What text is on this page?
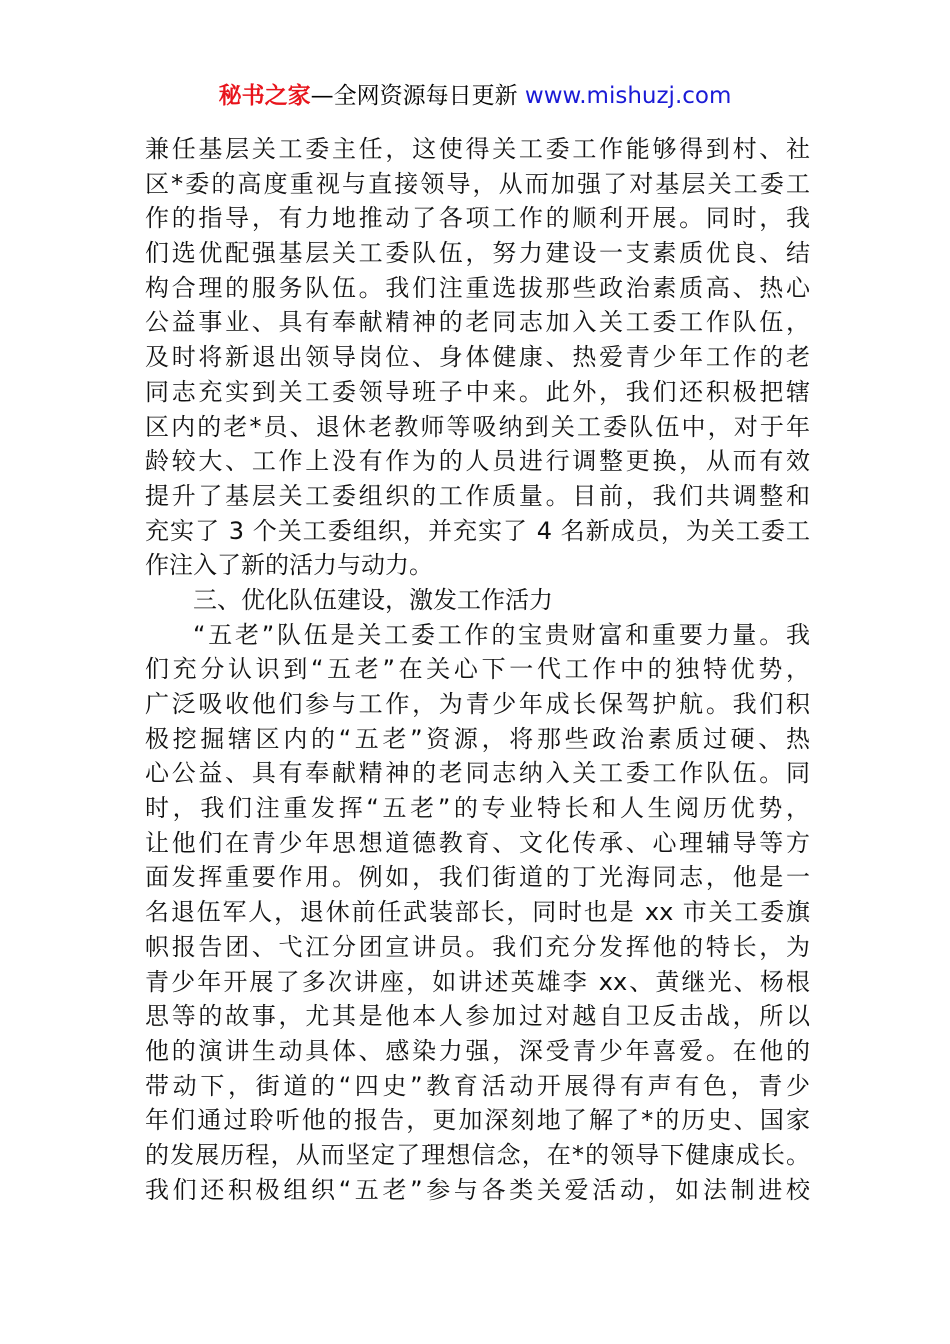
秘书之家—全网资源每日更新 www.mishuzj.com
兼任基层关工委主任，这使得关工委工作能够得到村、社
区*委的高度重视与直接领导，从而加强了对基层关工委工
作的指导，有力地推动了各项工作的顺利开展。同时，我
们选优配强基层关工委队伍，努力建设一支素质优良、结
构合理的服务队伍。我们注重选拔那些政治素质高、热心
公益事业、具有奉献精神的老同志加入关工委工作队伍，
及时将新退出领导岗位、身体健康、热爱青少年工作的老
同志充实到关工委领导班子中来。此外，我们还积极把辖
区内的老*员、退休老教师等吸纳到关工委队伍中，对于年
龄较大、工作上没有作为的人员进行调整更换，从而有效
提升了基层关工委组织的工作质量。目前，我们共调整和
充实了 3 个关工委组织，并充实了 4 名新成员，为关工委工
作注入了新的活力与动力。
三、优化队伍建设，激发工作活力
“五老”队伍是关工委工作的宝贵财富和重要力量。我
们充分认识到“五老”在关心下一代工作中的独特优势，
广泛吸收他们参与工作，为青少年成长保驾护航。我们积
极挖掘辖区内的“五老”资源，将那些政治素质过硬、热
心公益、具有奉献精神的老同志纳入关工委工作队伍。同
时，我们注重发挥“五老”的专业特长和人生阅历优势，
让他们在青少年思想道德教育、文化传承、心理辅导等方
面发挥重要作用。例如，我们街道的丁光海同志，他是一
名退伍军人，退休前任武装部长，同时也是 xx 市关工委旗
帜报告团、弋江分团宣讲员。我们充分发挥他的特长，为
青少年开展了多次讲座，如讲述英雄李 xx、黄继光、杨根
思等的故事，尤其是他本人参加过对越自卫反击战，所以
他的演讲生动具体、感染力强，深受青少年喜爱。在他的
带动下，街道的“四史”教育活动开展得有声有色，青少
年们通过聆听他的报告，更加深刻地了解了*的历史、国家
的发展历程，从而坚定了理想信念，在*的领导下健康成长。
我们还积极组织“五老”参与各类关爱活动，如法制进校
